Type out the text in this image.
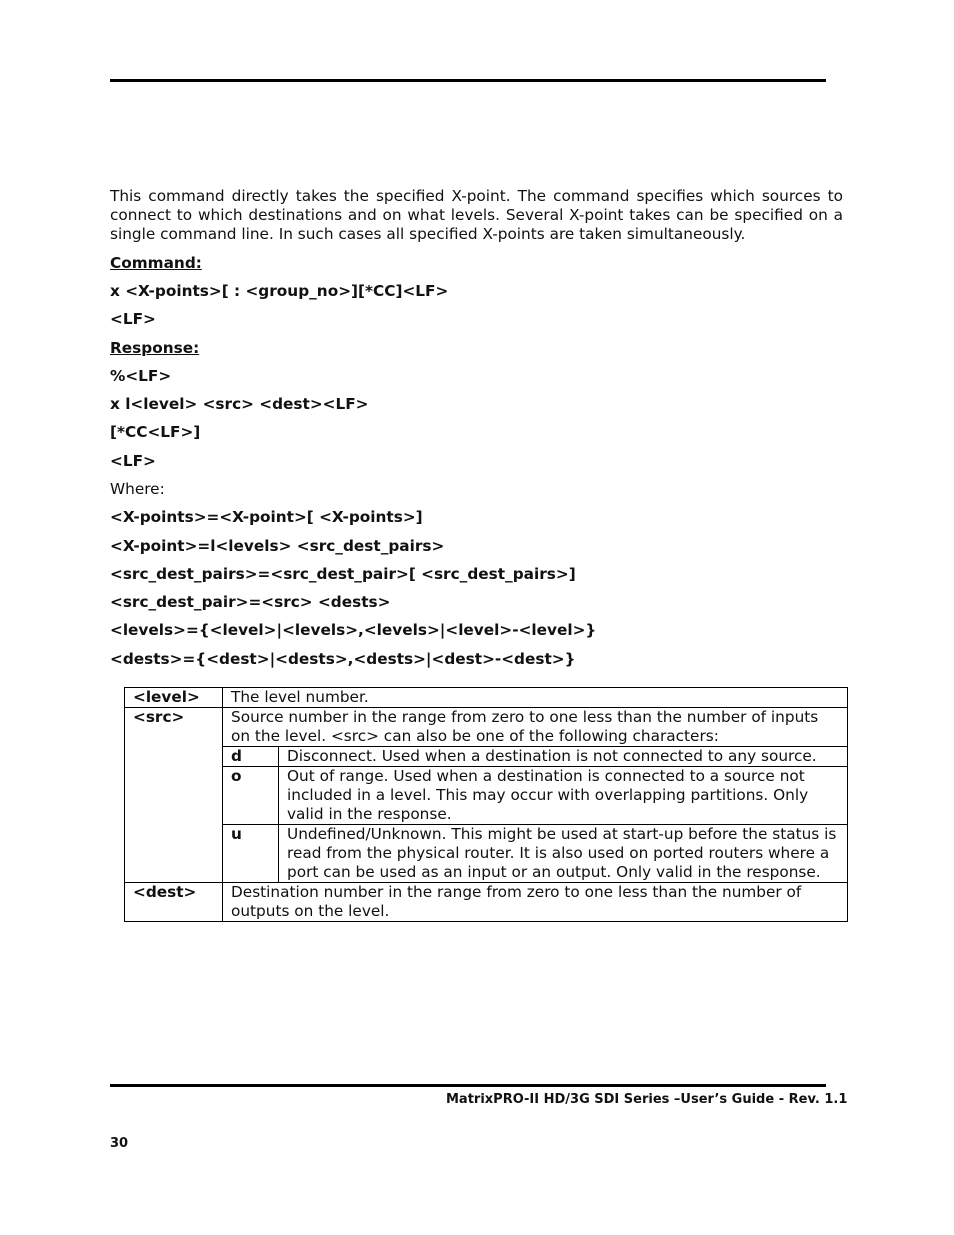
This command directly takes the specified X-point. The command specifies which sources to connect to which destinations and on what levels. Several X-point takes can be specified on a single command line. In such cases all specified X-points are taken simultaneously.

Command:

x <X-points>[ : <group_no>][*CC]<LF>

<LF>

Response:

%<LF>

x l<level> <src> <dest><LF>

[*CC<LF>]

<LF>

Where:

<X-points>=<X-point>[ <X-points>]

<X-point>=l<levels> <src_dest_pairs>

<src_dest_pairs>=<src_dest_pair>[ <src_dest_pairs>]

<src_dest_pair>=<src> <dests>

<levels>={<level>|<levels>,<levels>|<level>-<level>}

<dests>={<dest>|<dests>,<dests>|<dest>-<dest>}

<level>	The level number.	
<src>	Source number in the range from zero to one less than the number of inputs on the level. <src> can also be one of the following characters:	
	d	Disconnect. Used when a destination is not connected to any source.
	o	Out of range. Used when a destination is connected to a source not included in a level. This may occur with overlapping partitions. Only valid in the response.
	u	Undefined/Unknown. This might be used at start-up before the status is read from the physical router. It is also used on ported routers where a port can be used as an input or an output. Only valid in the response.
<dest>	Destination number in the range from zero to one less than the number of outputs on the level.	
MatrixPRO-II HD/3G SDI Series –User’s Guide - Rev. 1.1
30
